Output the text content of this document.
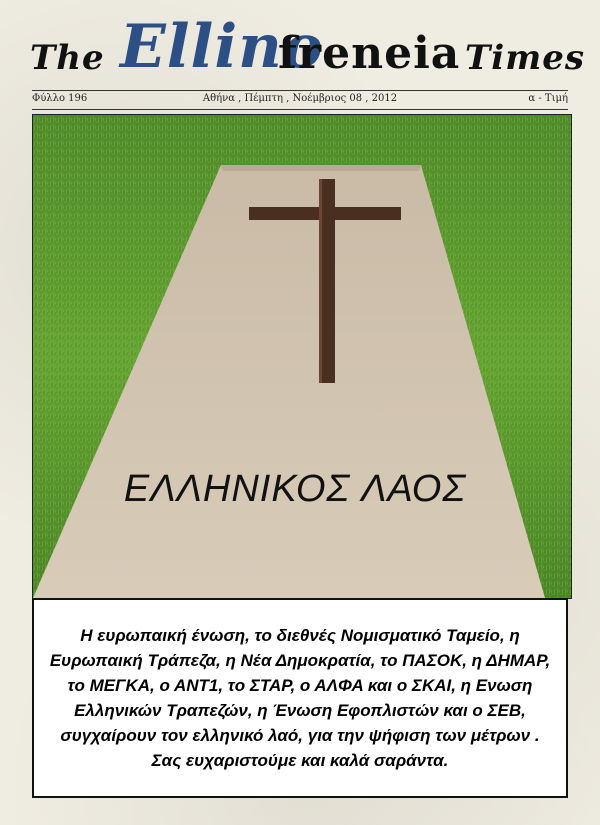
The Ellino
freneia Times
Αθήνα , Πέμπτη , Νοέμβριος 08 , 2012
Φύλλο 196	α - Τιμή
ΕΛΛΗΝΙΚΟΣ ΛΑΟΣ
Η ευρωπαική ένωση, το διεθνές Νομισματικό Ταμείο, η Ευρωπαική Τράπεζα, η Νέα Δημοκρατία, το ΠΑΣΟΚ, η ΔΗΜΑΡ, το ΜΕΓΚΑ, ο ΑΝΤ1, το ΣΤΑΡ, ο ΑΛΦΑ και ο ΣΚΑΙ, η Ενωση Ελληνικών Τραπεζών, η Ένωση Εφοπλιστών και ο ΣΕΒ, συγχαίρουν τον ελληνικό λαό, για την ψήφιση των μέτρων . Σας ευχαριστούμε και καλά σαράντα.
